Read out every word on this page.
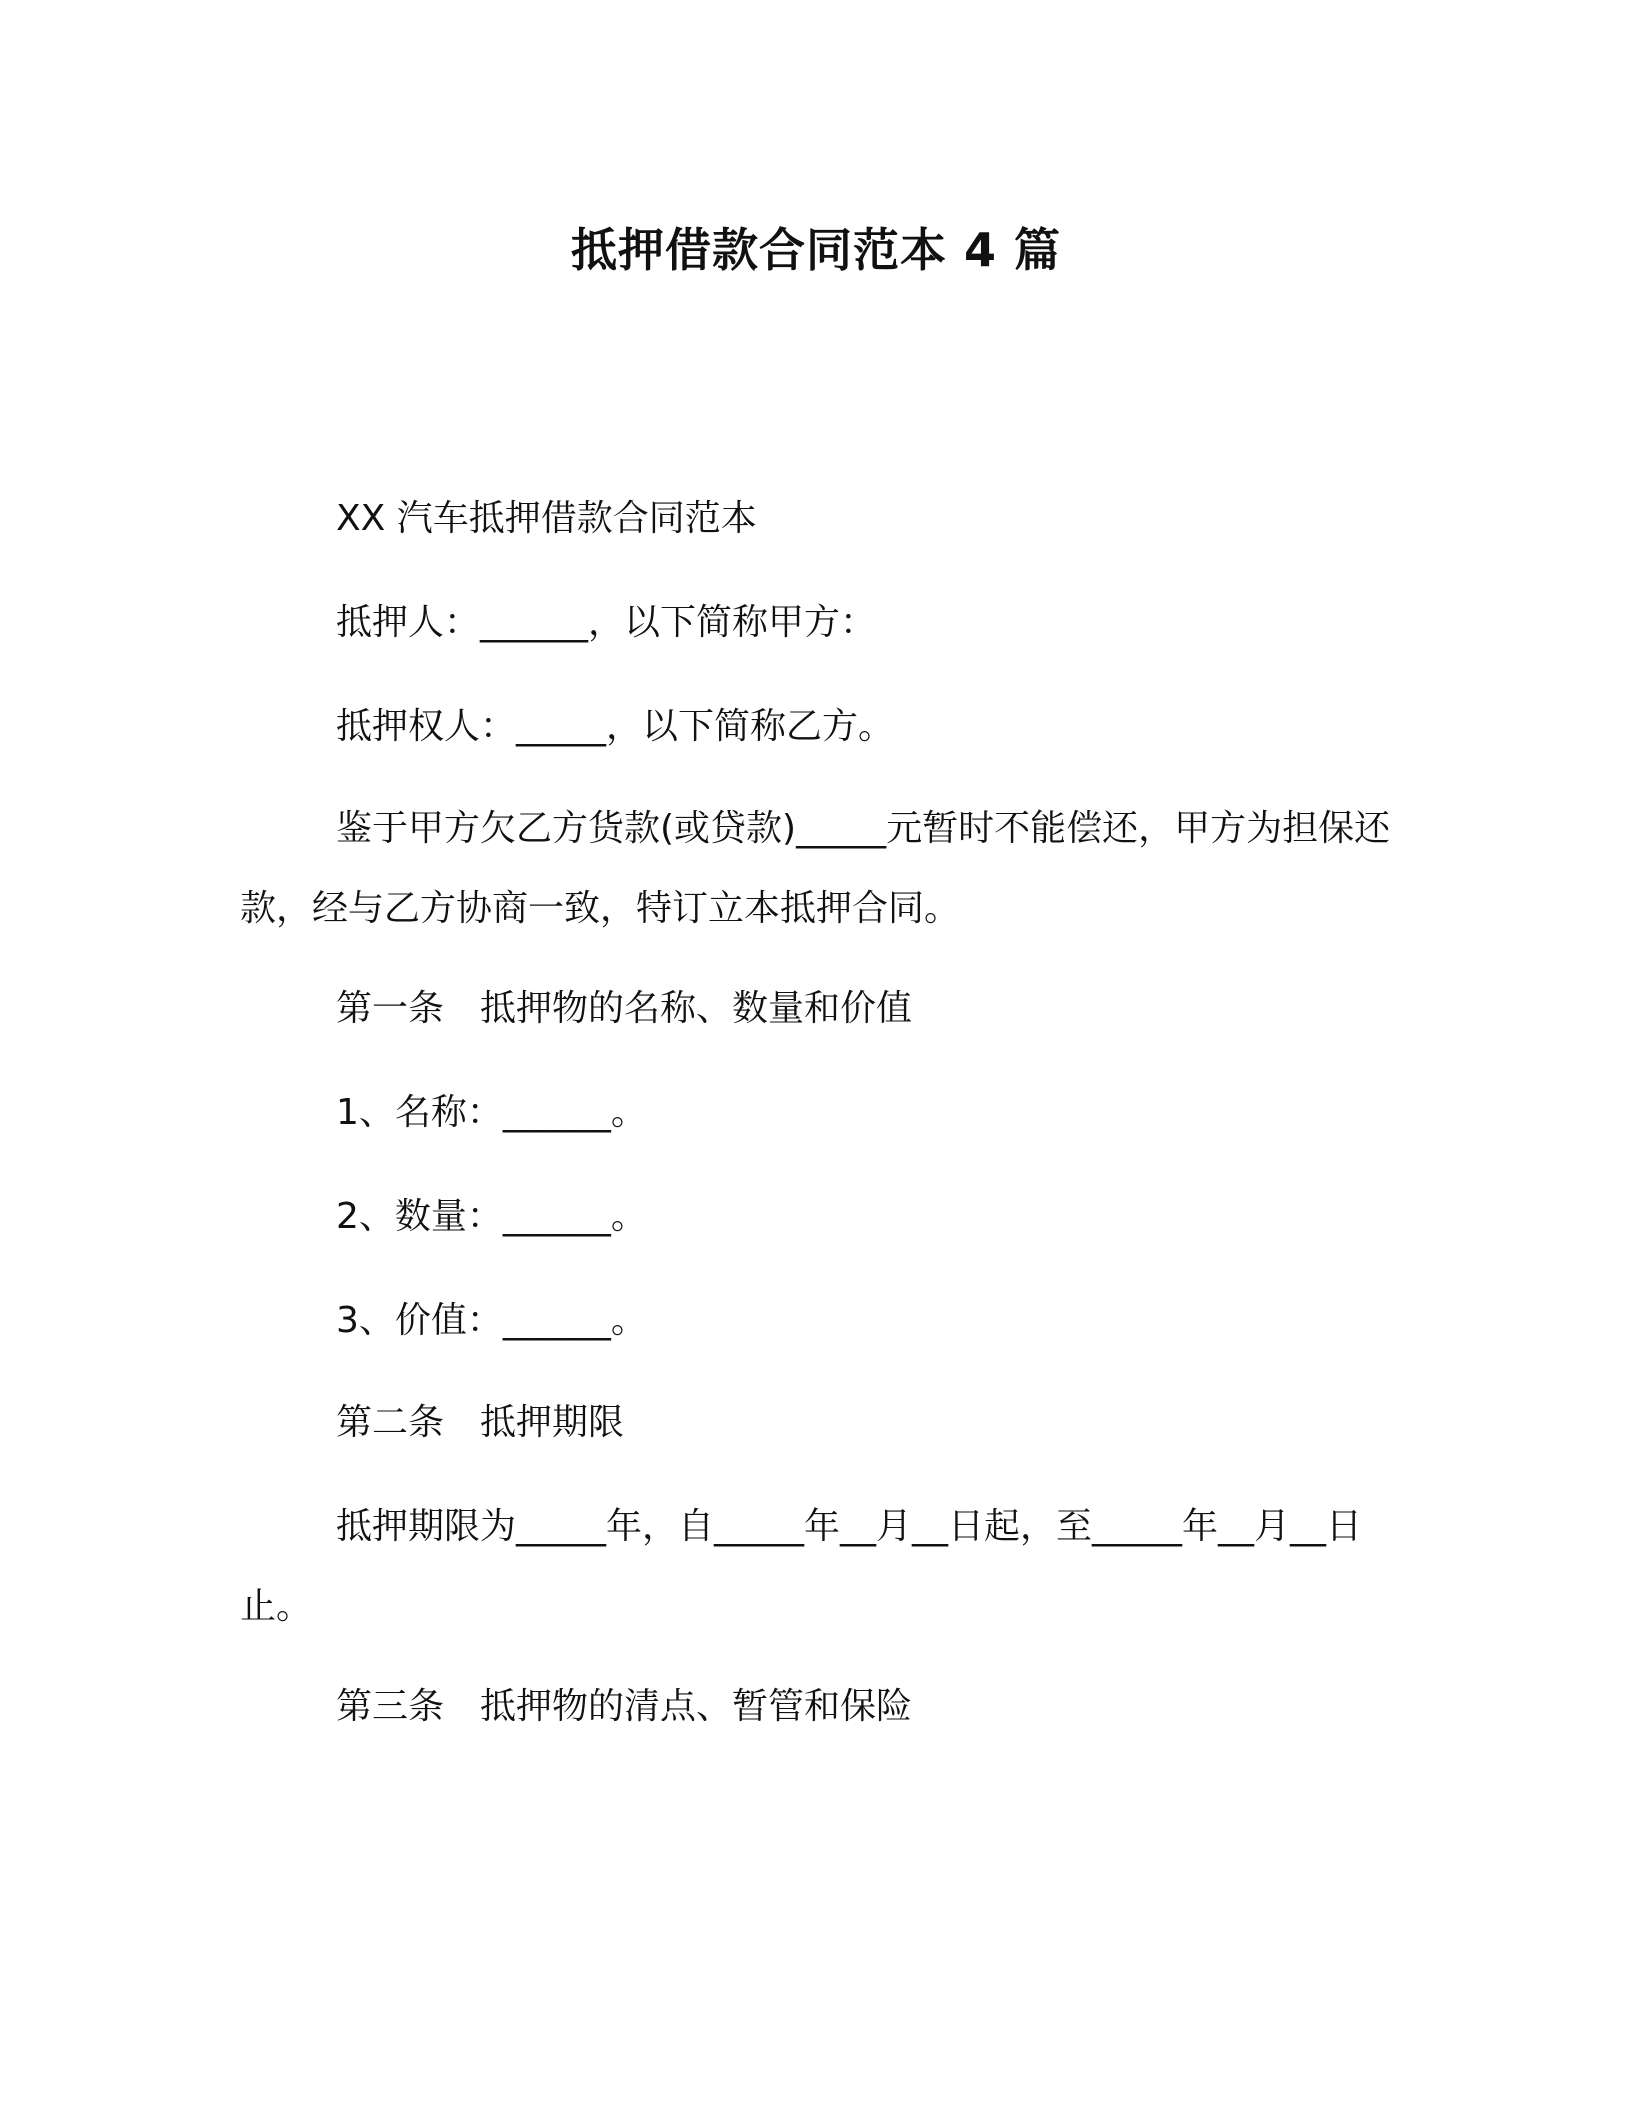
抵押借款合同范本 4 篇

XX 汽车抵押借款合同范本

抵押人：______，以下简称甲方：

抵押权人：_____，以下简称乙方。

鉴于甲方欠乙方货款(或贷款)_____元暂时不能偿还，甲方为担保还款，经与乙方协商一致，特订立本抵押合同。

第一条　抵押物的名称、数量和价值

1、名称：______。

2、数量：______。

3、价值：______。

第二条　抵押期限

抵押期限为_____年，自_____年__月__日起，至_____年__月__日止。

第三条　抵押物的清点、暂管和保险
